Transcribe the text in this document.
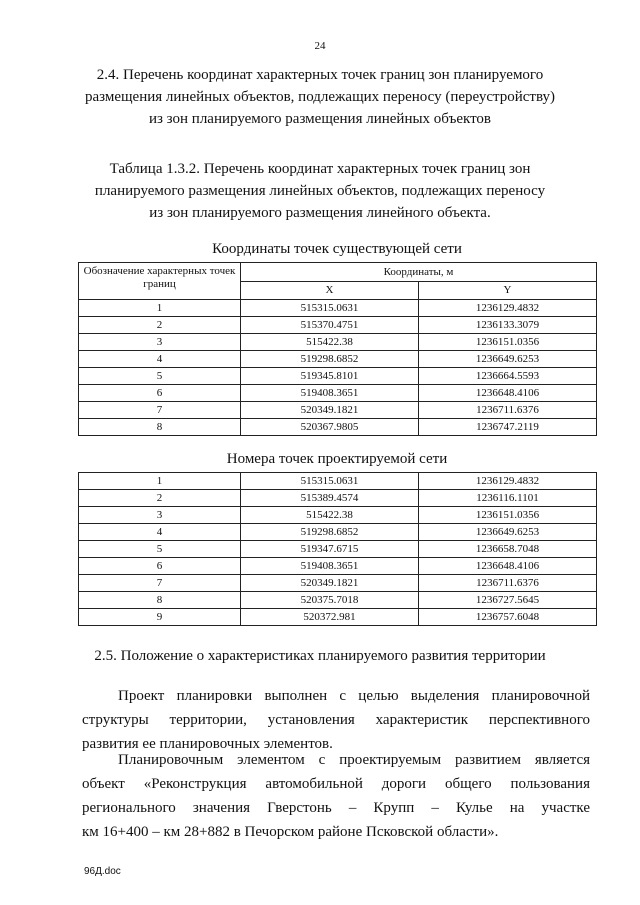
24
2.4. Перечень координат характерных точек границ зон планируемого
размещения линейных объектов, подлежащих переносу (переустройству)
из зон планируемого размещения линейных объектов
Таблица 1.3.2. Перечень координат характерных точек границ зон
планируемого размещения линейных объектов, подлежащих переносу
из зон планируемого размещения линейного объекта.
Координаты точек существующей сети
Обозначение характерных точек границ	Координаты, м	
	X	Y
1	515315.0631	1236129.4832
2	515370.4751	1236133.3079
3	515422.38	1236151.0356
4	519298.6852	1236649.6253
5	519345.8101	1236664.5593
6	519408.3651	1236648.4106
7	520349.1821	1236711.6376
8	520367.9805	1236747.2119
Номера точек проектируемой сети
1	515315.0631	1236129.4832
2	515389.4574	1236116.1101
3	515422.38	1236151.0356
4	519298.6852	1236649.6253
5	519347.6715	1236658.7048
6	519408.3651	1236648.4106
7	520349.1821	1236711.6376
8	520375.7018	1236727.5645
9	520372.981	1236757.6048
2.5. Положение о характеристиках планируемого развития территории
Проект планировки выполнен с целью выделения планировочной
структуры территории, установления характеристик перспективного
развития ее планировочных элементов.
Планировочным элементом с проектируемым развитием является
объект «Реконструкция автомобильной дороги общего пользования
регионального значения Гверстонь – Крупп – Кулье на участке
км 16+400 – км 28+882 в Печорском районе Псковской области».
96Д.doc
